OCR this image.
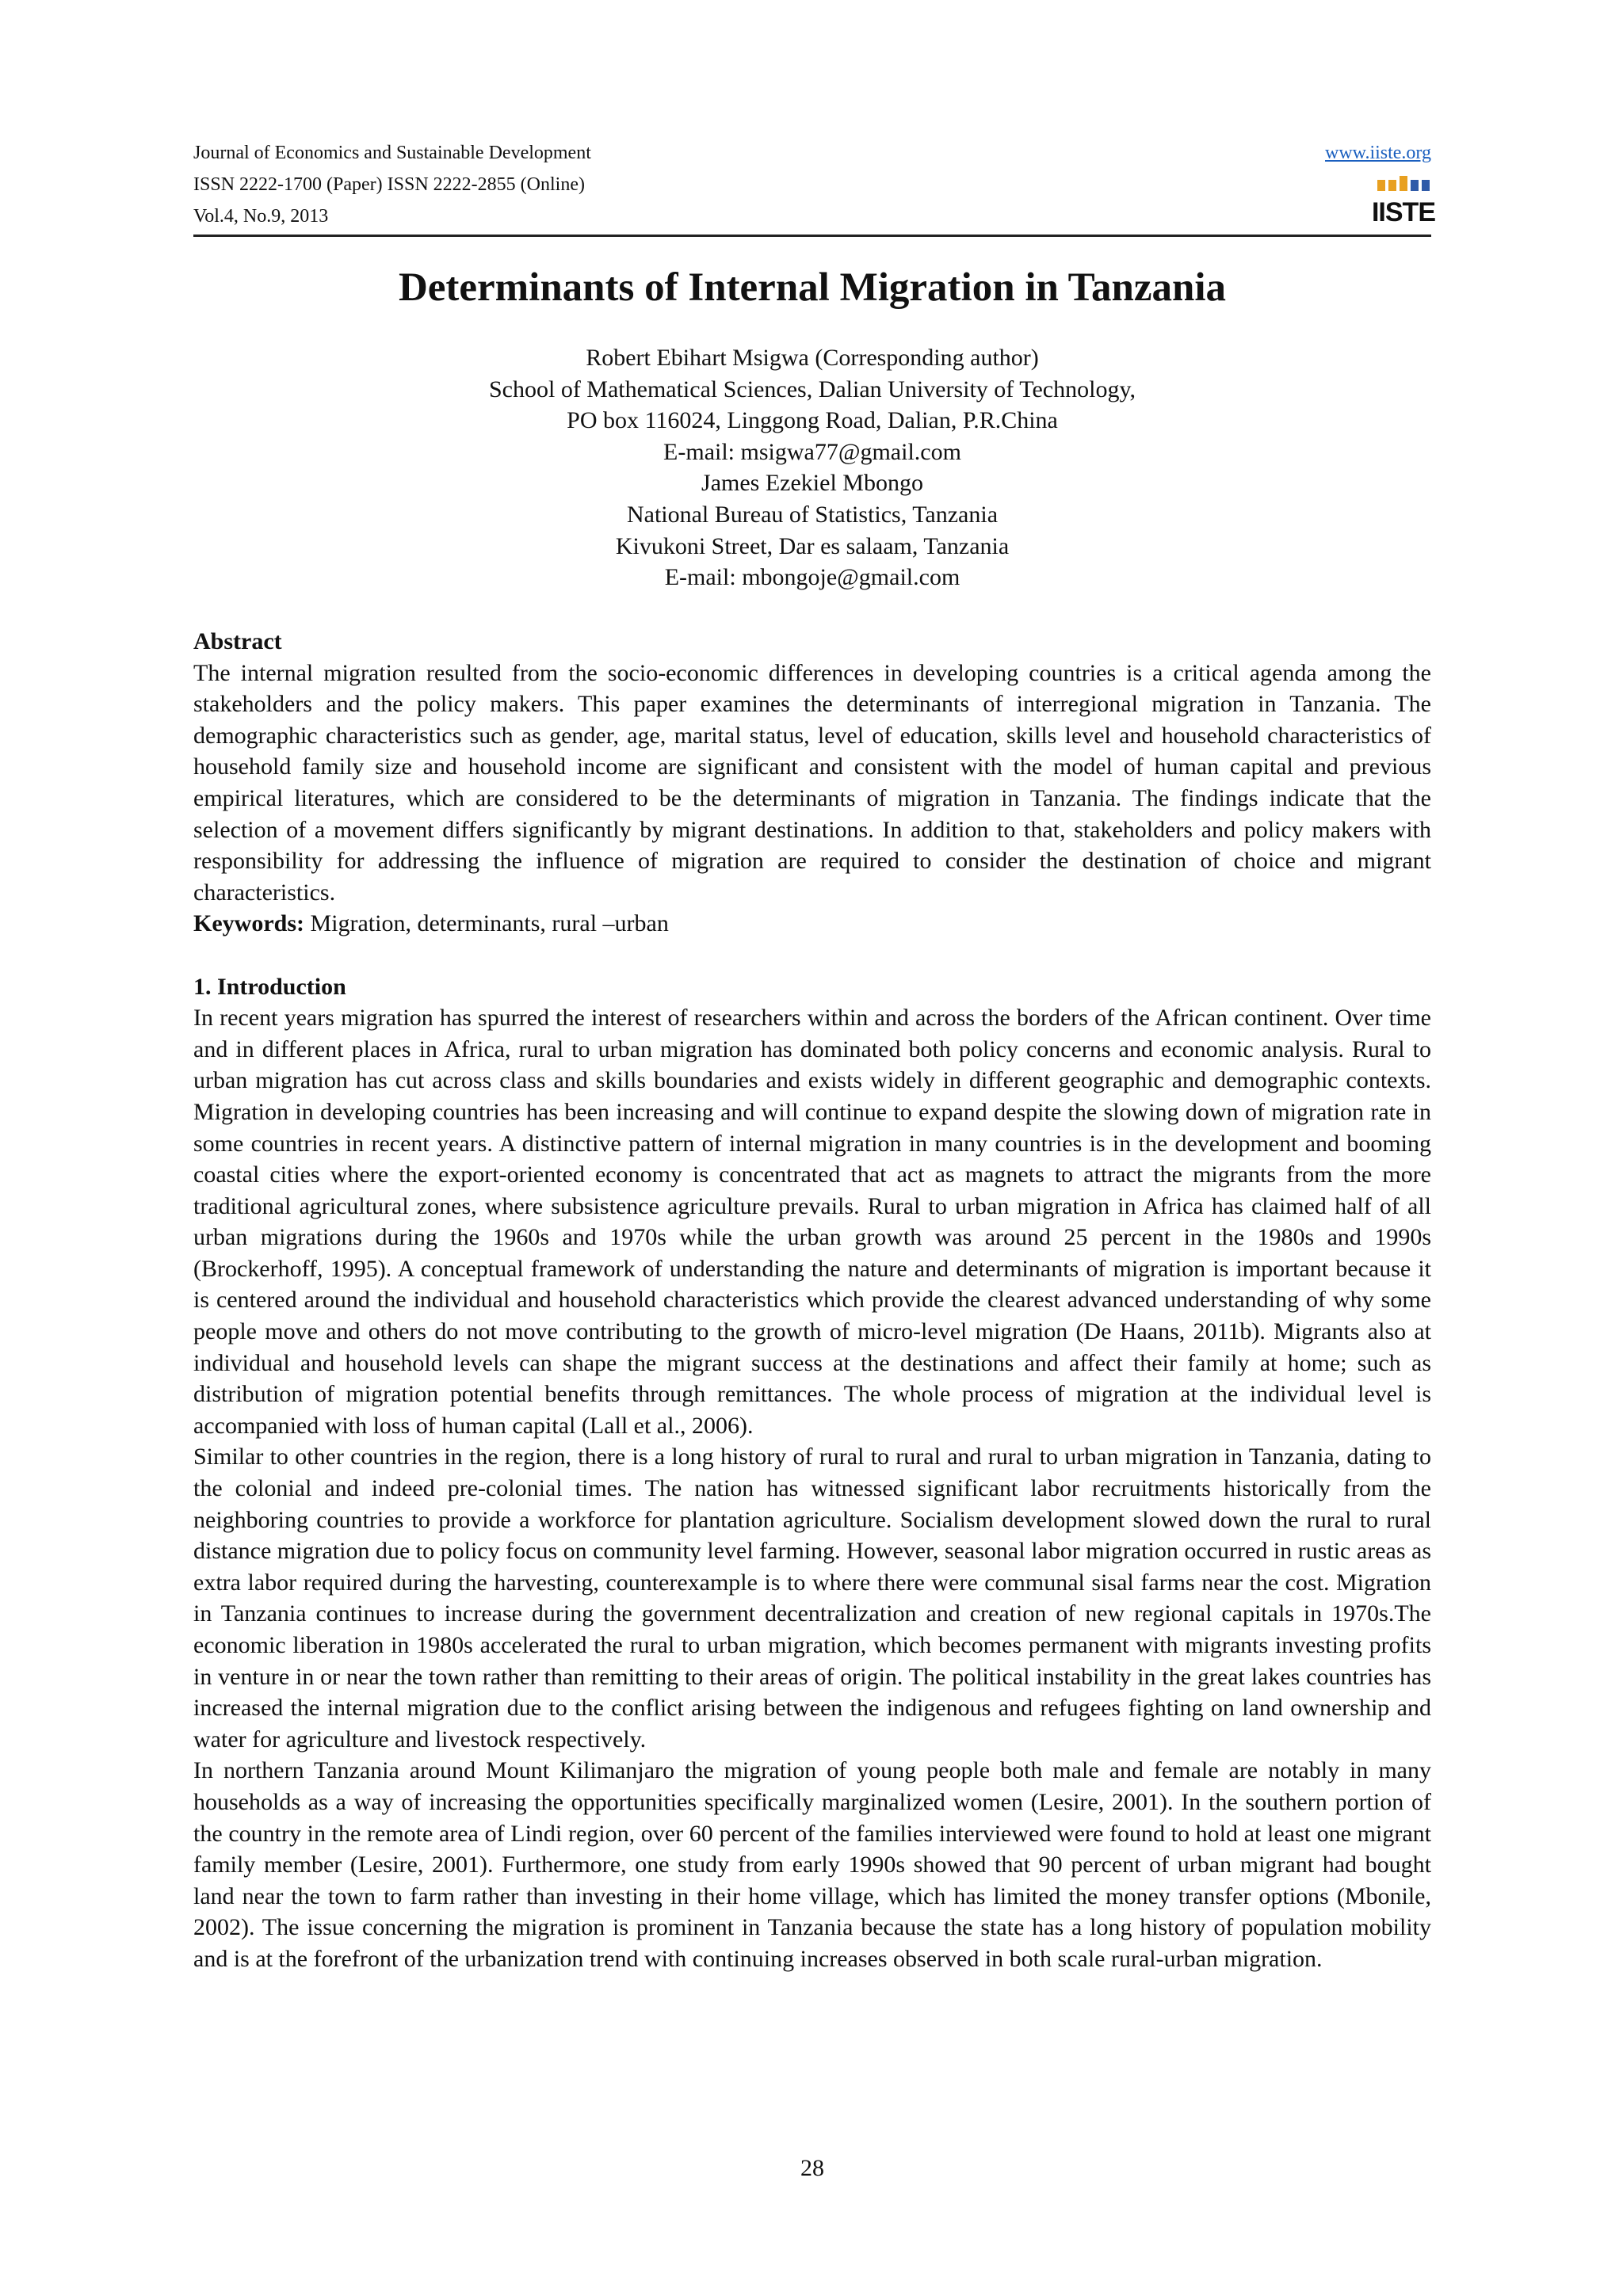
Journal of Economics and Sustainable Development
ISSN 2222-1700 (Paper) ISSN 2222-2855 (Online)
Vol.4, No.9, 2013
www.iiste.org
IISTE
Determinants of Internal Migration in Tanzania
Robert Ebihart Msigwa (Corresponding author)
School of Mathematical Sciences, Dalian University of Technology,
PO box 116024, Linggong Road, Dalian, P.R.China
E-mail: msigwa77@gmail.com
James Ezekiel Mbongo
National Bureau of Statistics, Tanzania
Kivukoni Street, Dar es salaam, Tanzania
E-mail: mbongoje@gmail.com

Abstract

The internal migration resulted from the socio-economic differences in developing countries is a critical agenda among the stakeholders and the policy makers. This paper examines the determinants of interregional migration in Tanzania. The demographic characteristics such as gender, age, marital status, level of education, skills level and household characteristics of household family size and household income are significant and consistent with the model of human capital and previous empirical literatures, which are considered to be the determinants of migration in Tanzania. The findings indicate that the selection of a movement differs significantly by migrant destinations. In addition to that, stakeholders and policy makers with responsibility for addressing the influence of migration are required to consider the destination of choice and migrant characteristics.

Keywords: Migration, determinants, rural –urban

1. Introduction

In recent years migration has spurred the interest of researchers within and across the borders of the African continent. Over time and in different places in Africa, rural to urban migration has dominated both policy concerns and economic analysis. Rural to urban migration has cut across class and skills boundaries and exists widely in different geographic and demographic contexts. Migration in developing countries has been increasing and will continue to expand despite the slowing down of migration rate in some countries in recent years. A distinctive pattern of internal migration in many countries is in the development and booming coastal cities where the export-oriented economy is concentrated that act as magnets to attract the migrants from the more traditional agricultural zones, where subsistence agriculture prevails. Rural to urban migration in Africa has claimed half of all urban migrations during the 1960s and 1970s while the urban growth was around 25 percent in the 1980s and 1990s (Brockerhoff, 1995). A conceptual framework of understanding the nature and determinants of migration is important because it is centered around the individual and household characteristics which provide the clearest advanced understanding of why some people move and others do not move contributing to the growth of micro-level migration (De Haans, 2011b). Migrants also at individual and household levels can shape the migrant success at the destinations and affect their family at home; such as distribution of migration potential benefits through remittances. The whole process of migration at the individual level is accompanied with loss of human capital (Lall et al., 2006).

Similar to other countries in the region, there is a long history of rural to rural and rural to urban migration in Tanzania, dating to the colonial and indeed pre-colonial times. The nation has witnessed significant labor recruitments historically from the neighboring countries to provide a workforce for plantation agriculture. Socialism development slowed down the rural to rural distance migration due to policy focus on community level farming. However, seasonal labor migration occurred in rustic areas as extra labor required during the harvesting, counterexample is to where there were communal sisal farms near the cost. Migration in Tanzania continues to increase during the government decentralization and creation of new regional capitals in 1970s.The economic liberation in 1980s accelerated the rural to urban migration, which becomes permanent with migrants investing profits in venture in or near the town rather than remitting to their areas of origin. The political instability in the great lakes countries has increased the internal migration due to the conflict arising between the indigenous and refugees fighting on land ownership and water for agriculture and livestock respectively.

In northern Tanzania around Mount Kilimanjaro the migration of young people both male and female are notably in many households as a way of increasing the opportunities specifically marginalized women (Lesire, 2001). In the southern portion of the country in the remote area of Lindi region, over 60 percent of the families interviewed were found to hold at least one migrant family member (Lesire, 2001). Furthermore, one study from early 1990s showed that 90 percent of urban migrant had bought land near the town to farm rather than investing in their home village, which has limited the money transfer options (Mbonile, 2002). The issue concerning the migration is prominent in Tanzania because the state has a long history of population mobility and is at the forefront of the urbanization trend with continuing increases observed in both scale rural-urban migration.

28
